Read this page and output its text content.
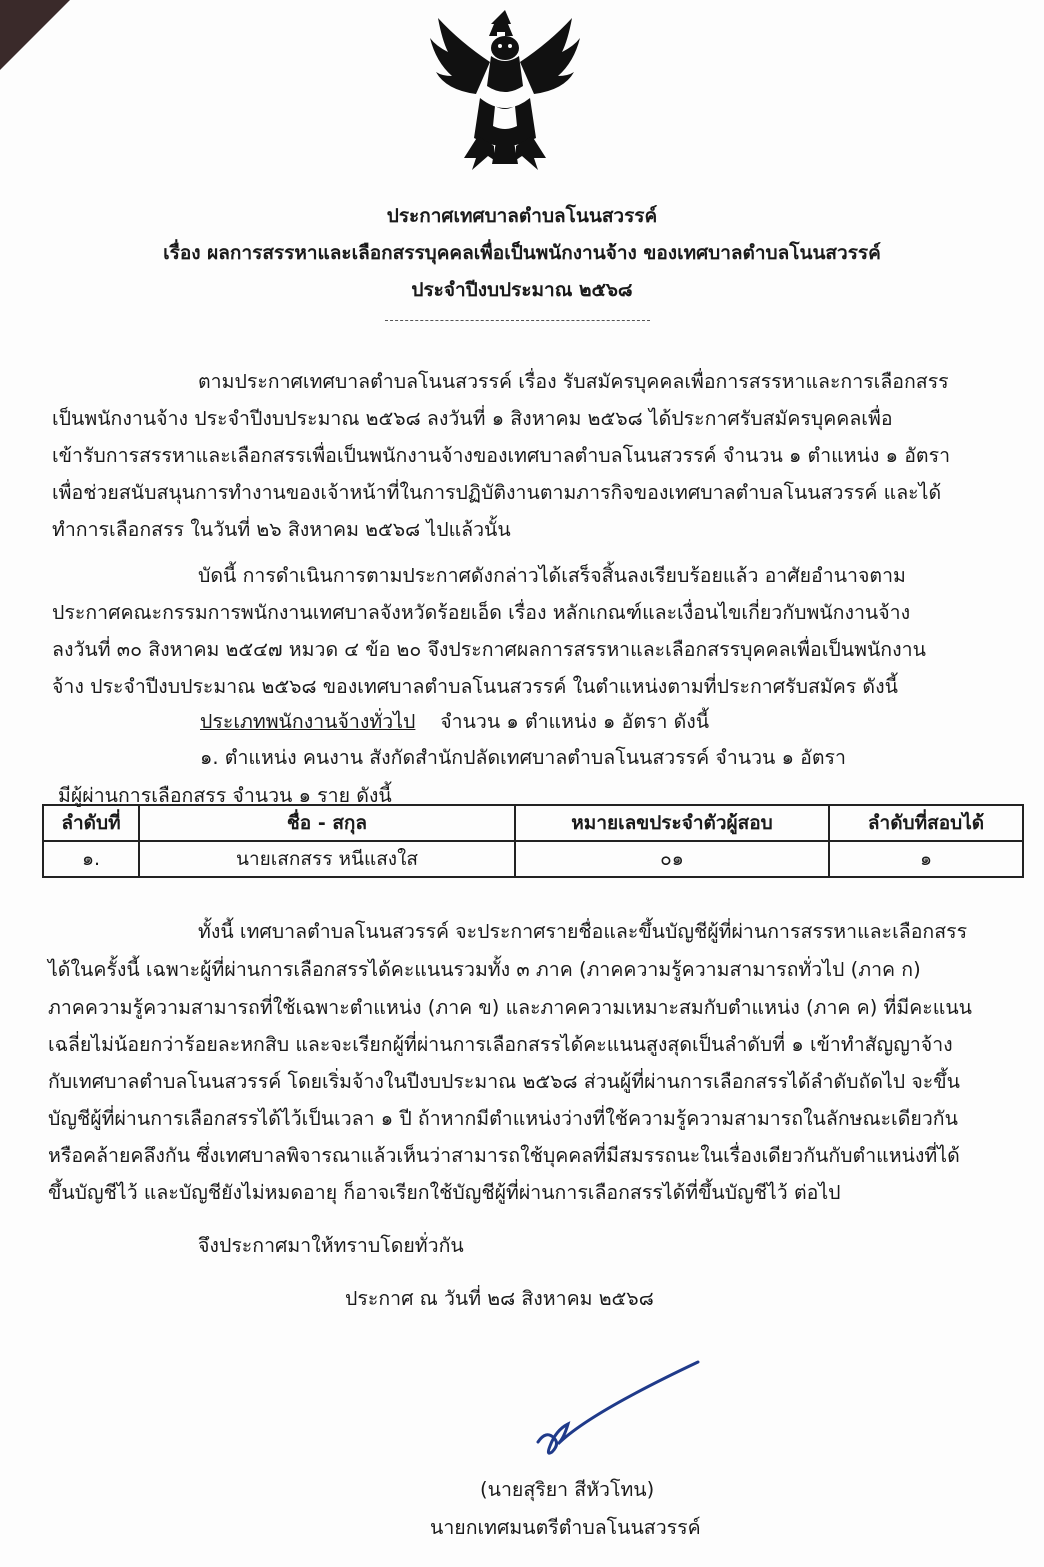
ประกาศเทศบาลตำบลโนนสวรรค์
เรื่อง ผลการสรรหาและเลือกสรรบุคคลเพื่อเป็นพนักงานจ้าง ของเทศบาลตำบลโนนสวรรค์
ประจำปีงบประมาณ ๒๕๖๘
ตามประกาศเทศบาลตำบลโนนสวรรค์ เรื่อง รับสมัครบุคคลเพื่อการสรรหาและการเลือกสรร
เป็นพนักงานจ้าง ประจำปีงบประมาณ ๒๕๖๘ ลงวันที่ ๑ สิงหาคม ๒๕๖๘ ได้ประกาศรับสมัครบุคคลเพื่อ
เข้ารับการสรรหาและเลือกสรรเพื่อเป็นพนักงานจ้างของเทศบาลตำบลโนนสวรรค์ จำนวน ๑ ตำแหน่ง ๑ อัตรา
เพื่อช่วยสนับสนุนการทำงานของเจ้าหน้าที่ในการปฏิบัติงานตามภารกิจของเทศบาลตำบลโนนสวรรค์ และได้
ทำการเลือกสรร ในวันที่ ๒๖ สิงหาคม ๒๕๖๘ ไปแล้วนั้น
บัดนี้ การดำเนินการตามประกาศดังกล่าวได้เสร็จสิ้นลงเรียบร้อยแล้ว อาศัยอำนาจตาม
ประกาศคณะกรรมการพนักงานเทศบาลจังหวัดร้อยเอ็ด เรื่อง หลักเกณฑ์และเงื่อนไขเกี่ยวกับพนักงานจ้าง
ลงวันที่ ๓๐ สิงหาคม ๒๕๔๗ หมวด ๔ ข้อ ๒๐ จึงประกาศผลการสรรหาและเลือกสรรบุคคลเพื่อเป็นพนักงาน
จ้าง ประจำปีงบประมาณ ๒๕๖๘ ของเทศบาลตำบลโนนสวรรค์ ในตำแหน่งตามที่ประกาศรับสมัคร ดังนี้
ประเภทพนักงานจ้างทั่วไป จำนวน ๑ ตำแหน่ง ๑ อัตรา ดังนี้
๑. ตำแหน่ง คนงาน สังกัดสำนักปลัดเทศบาลตำบลโนนสวรรค์ จำนวน ๑ อัตรา
มีผู้ผ่านการเลือกสรร จำนวน ๑ ราย ดังนี้
ลำดับที่	ชื่อ - สกุล	หมายเลขประจำตัวผู้สอบ	ลำดับที่สอบได้
๑.	นายเสกสรร หนีแสงใส	๐๑	๑
ทั้งนี้ เทศบาลตำบลโนนสวรรค์ จะประกาศรายชื่อและขึ้นบัญชีผู้ที่ผ่านการสรรหาและเลือกสรร
ได้ในครั้งนี้ เฉพาะผู้ที่ผ่านการเลือกสรรได้คะแนนรวมทั้ง ๓ ภาค (ภาคความรู้ความสามารถทั่วไป (ภาค ก)
ภาคความรู้ความสามารถที่ใช้เฉพาะตำแหน่ง (ภาค ข) และภาคความเหมาะสมกับตำแหน่ง (ภาค ค) ที่มีคะแนน
เฉลี่ยไม่น้อยกว่าร้อยละหกสิบ และจะเรียกผู้ที่ผ่านการเลือกสรรได้คะแนนสูงสุดเป็นลำดับที่ ๑ เข้าทำสัญญาจ้าง
กับเทศบาลตำบลโนนสวรรค์ โดยเริ่มจ้างในปีงบประมาณ ๒๕๖๘ ส่วนผู้ที่ผ่านการเลือกสรรได้ลำดับถัดไป จะขึ้น
บัญชีผู้ที่ผ่านการเลือกสรรได้ไว้เป็นเวลา ๑ ปี ถ้าหากมีตำแหน่งว่างที่ใช้ความรู้ความสามารถในลักษณะเดียวกัน
หรือคล้ายคลึงกัน ซึ่งเทศบาลพิจารณาแล้วเห็นว่าสามารถใช้บุคคลที่มีสมรรถนะในเรื่องเดียวกันกับตำแหน่งที่ได้
ขึ้นบัญชีไว้ และบัญชียังไม่หมดอายุ ก็อาจเรียกใช้บัญชีผู้ที่ผ่านการเลือกสรรได้ที่ขึ้นบัญชีไว้ ต่อไป
จึงประกาศมาให้ทราบโดยทั่วกัน
ประกาศ ณ วันที่ ๒๘ สิงหาคม ๒๕๖๘
(นายสุริยา สีหัวโทน)
นายกเทศมนตรีตำบลโนนสวรรค์
